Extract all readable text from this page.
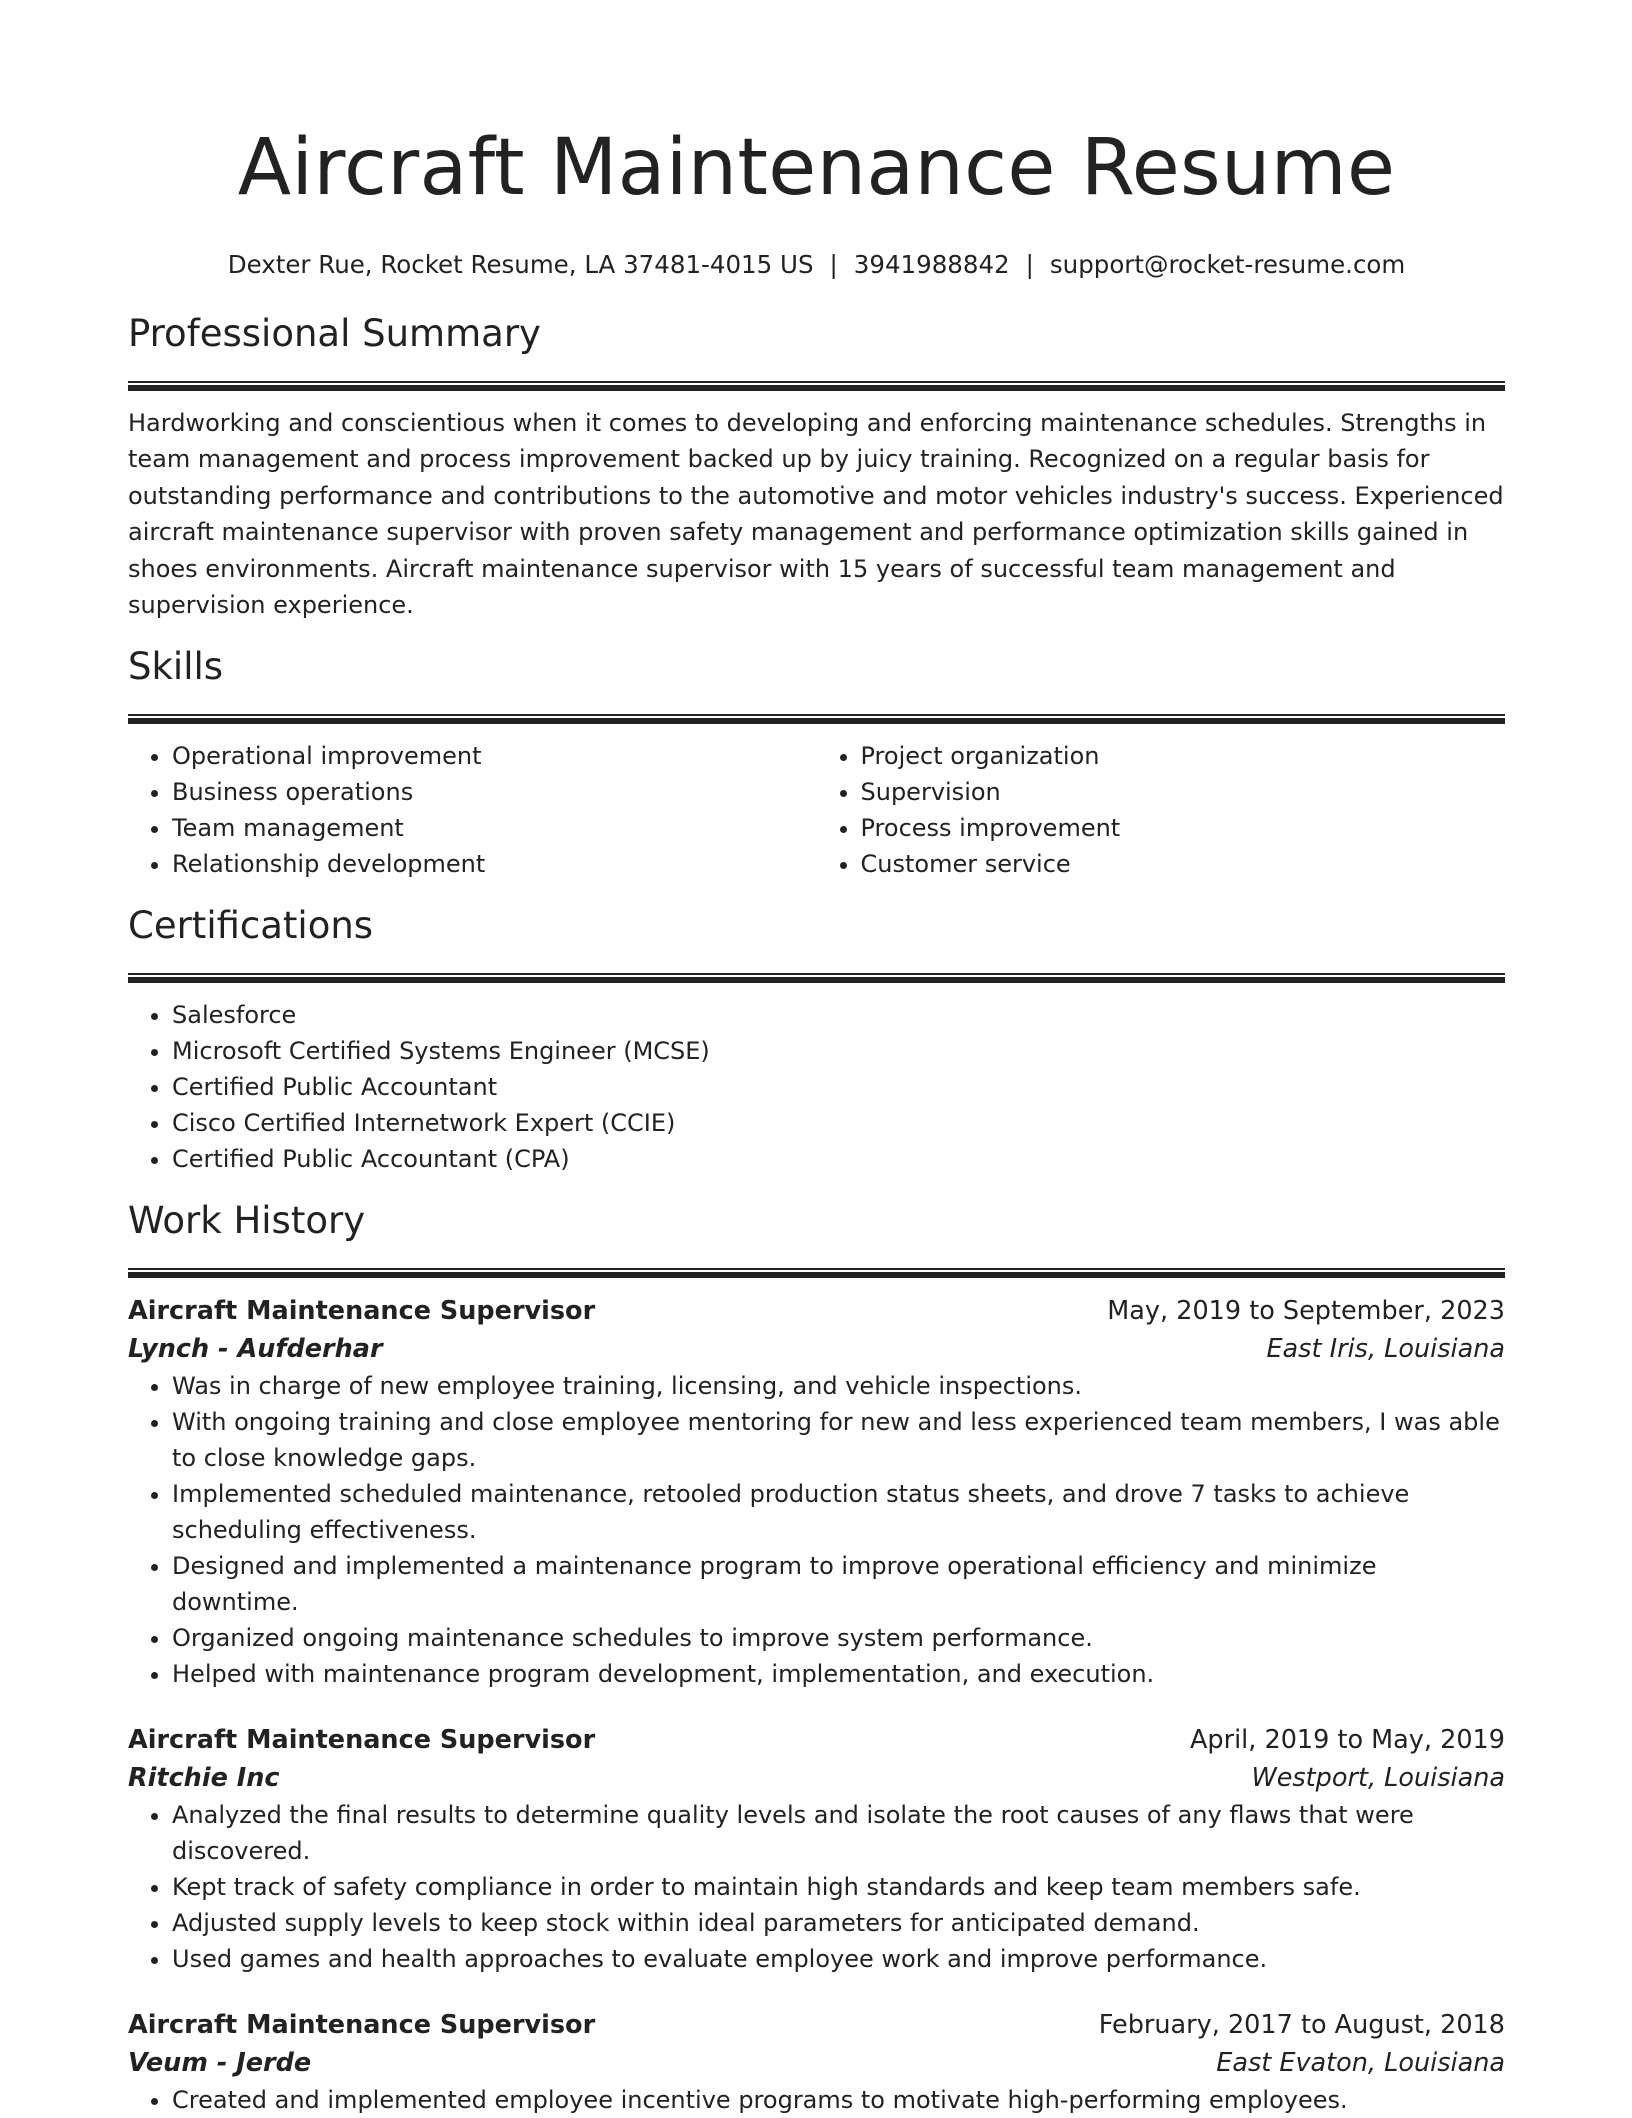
Aircraft Maintenance Resume
Dexter Rue, Rocket Resume, LA 37481-4015 US | 3941988842 | support@rocket-resume.com
Professional Summary

Hardworking and conscientious when it comes to developing and enforcing maintenance schedules. Strengths in team management and process improvement backed up by juicy training. Recognized on a regular basis for outstanding performance and contributions to the automotive and motor vehicles industry's success. Experienced aircraft maintenance supervisor with proven safety management and performance optimization skills gained in shoes environments. Aircraft maintenance supervisor with 15 years of successful team management and supervision experience.

Skills
• Operational improvement
• Business operations
• Team management
• Relationship development
• Project organization
• Supervision
• Process improvement
• Customer service
Certifications
• Salesforce
• Microsoft Certified Systems Engineer (MCSE)
• Certified Public Accountant
• Cisco Certified Internetwork Expert (CCIE)
• Certified Public Accountant (CPA)
Work History
Aircraft Maintenance Supervisor	May, 2019 to September, 2023
Lynch - Aufderhar	East Iris, Louisiana
• Was in charge of new employee training, licensing, and vehicle inspections.
• With ongoing training and close employee mentoring for new and less experienced team members, I was able to close knowledge gaps.
• Implemented scheduled maintenance, retooled production status sheets, and drove 7 tasks to achieve scheduling effectiveness.
• Designed and implemented a maintenance program to improve operational efficiency and minimize downtime.
• Organized ongoing maintenance schedules to improve system performance.
• Helped with maintenance program development, implementation, and execution.
Aircraft Maintenance Supervisor	April, 2019 to May, 2019
Ritchie Inc	Westport, Louisiana
• Analyzed the final results to determine quality levels and isolate the root causes of any flaws that were discovered.
• Kept track of safety compliance in order to maintain high standards and keep team members safe.
• Adjusted supply levels to keep stock within ideal parameters for anticipated demand.
• Used games and health approaches to evaluate employee work and improve performance.
Aircraft Maintenance Supervisor	February, 2017 to August, 2018
Veum - Jerde	East Evaton, Louisiana
• Created and implemented employee incentive programs to motivate high-performing employees.
